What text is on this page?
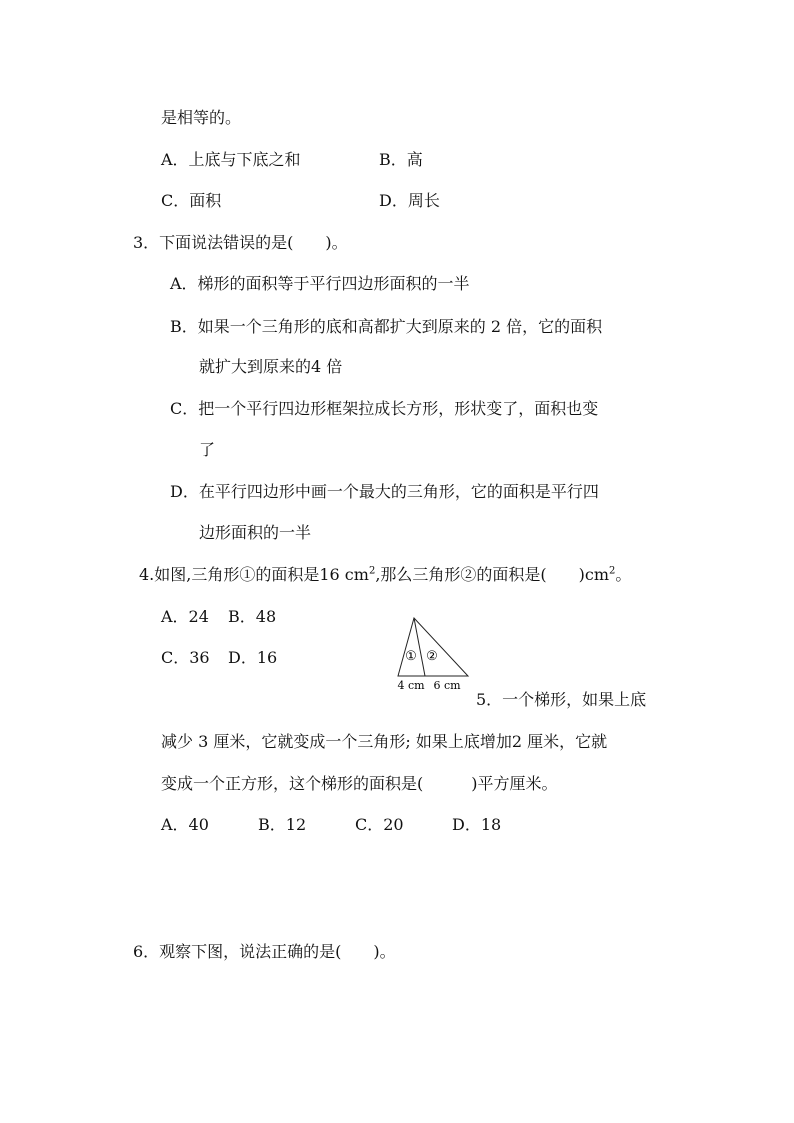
是相等的。
A．上底与下底之和	B．高
C．面积	D．周长
3．下面说法错误的是(　　)。
A．梯形的面积等于平行四边形面积的一半
B．如果一个三角形的底和高都扩大到原来的 2 倍，它的面积
就扩大到原来的4 倍
C．把一个平行四边形框架拉成长方形，形状变了，面积也变
了
D．在平行四边形中画一个最大的三角形，它的面积是平行四
边形面积的一半
4.如图,三角形①的面积是16 $cm^2$,那么三角形②的面积是(　　)$cm^2$。
A．24 B．48
C．36 D．16	① ②
4 cm 6 cm
5．一个梯形，如果上底
减少 3 厘米，它就变成一个三角形; 如果上底增加2 厘米，它就
变成一个正方形，这个梯形的面积是(　　　)平方厘米。
A．40	B．12	C．20	D．18
6．观察下图，说法正确的是(　　)。
